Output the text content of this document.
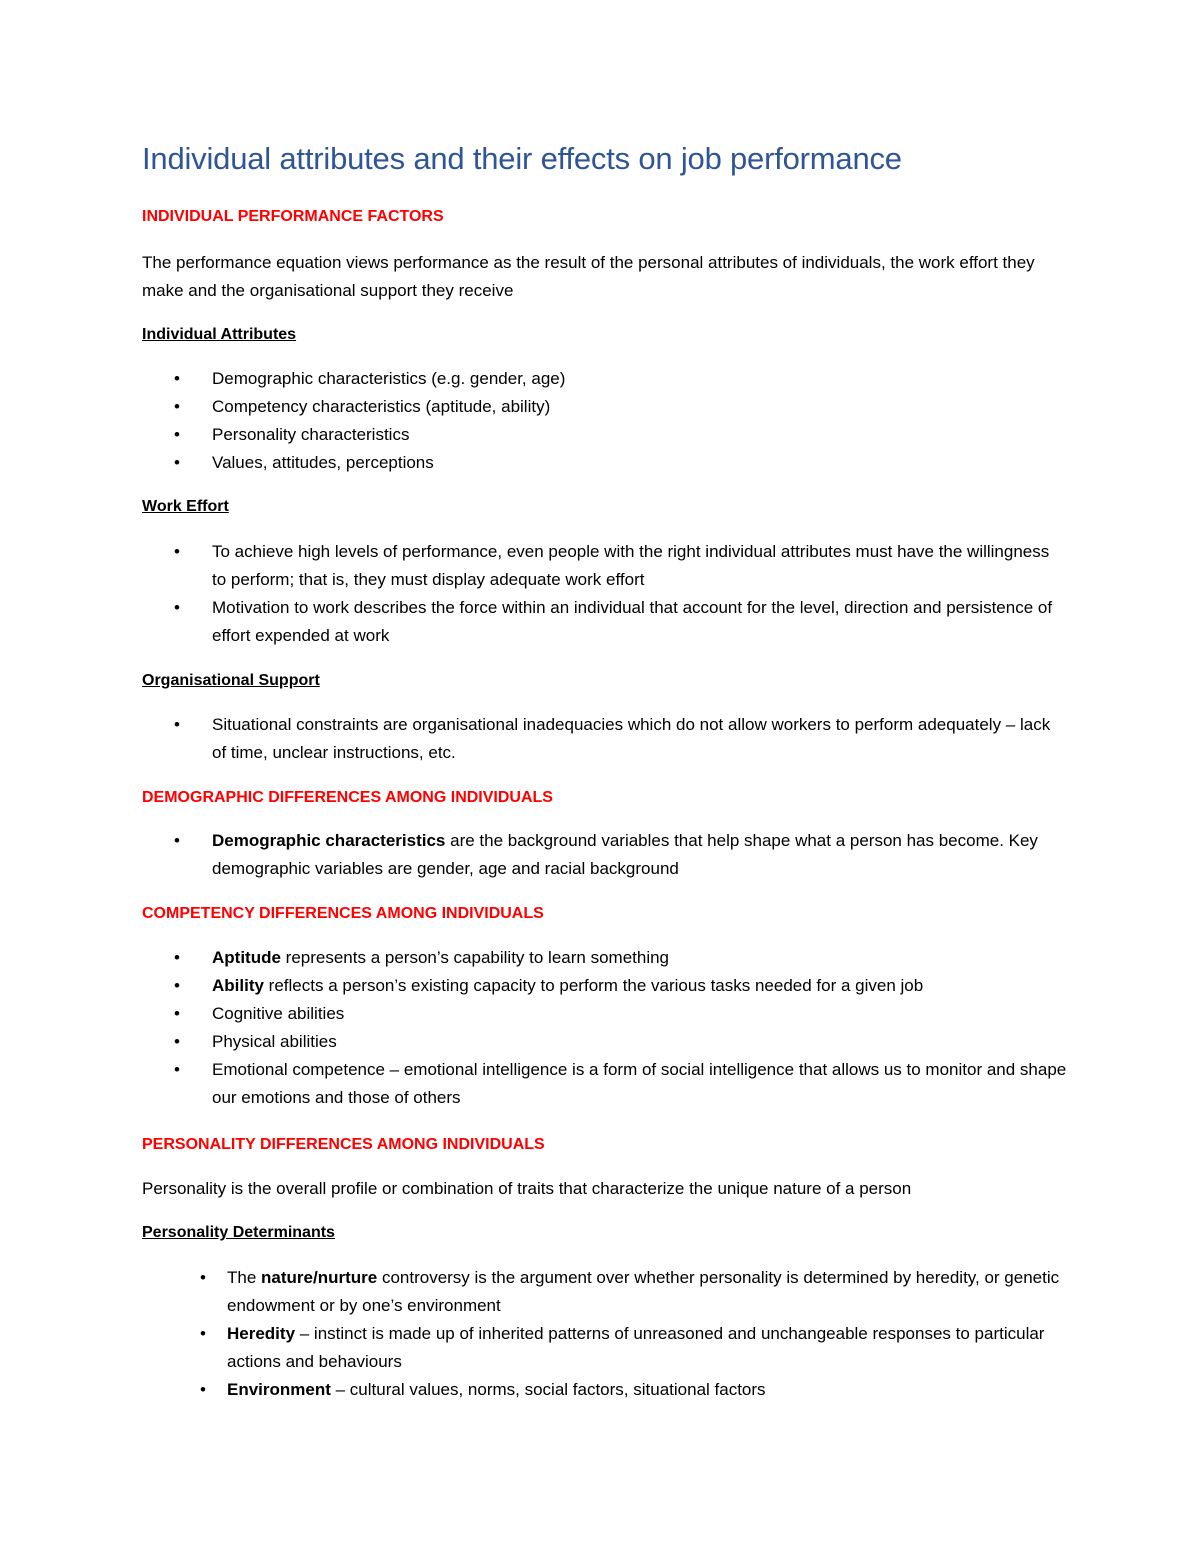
Individual attributes and their effects on job performance
INDIVIDUAL PERFORMANCE FACTORS

The performance equation views performance as the result of the personal attributes of individuals, the work effort they make and the organisational support they receive

Individual Attributes
• Demographic characteristics (e.g. gender, age)
• Competency characteristics (aptitude, ability)
• Personality characteristics
• Values, attitudes, perceptions
Work Effort
• To achieve high levels of performance, even people with the right individual attributes must have the willingness to perform; that is, they must display adequate work effort
• Motivation to work describes the force within an individual that account for the level, direction and persistence of effort expended at work
Organisational Support
• Situational constraints are organisational inadequacies which do not allow workers to perform adequately – lack of time, unclear instructions, etc.
DEMOGRAPHIC DIFFERENCES AMONG INDIVIDUALS
• Demographic characteristics are the background variables that help shape what a person has become. Key demographic variables are gender, age and racial background
COMPETENCY DIFFERENCES AMONG INDIVIDUALS
• Aptitude represents a person’s capability to learn something
• Ability reflects a person’s existing capacity to perform the various tasks needed for a given job
• Cognitive abilities
• Physical abilities
• Emotional competence – emotional intelligence is a form of social intelligence that allows us to monitor and shape our emotions and those of others
PERSONALITY DIFFERENCES AMONG INDIVIDUALS

Personality is the overall profile or combination of traits that characterize the unique nature of a person

Personality Determinants
• The nature/nurture controversy is the argument over whether personality is determined by heredity, or genetic endowment or by one’s environment
• Heredity – instinct is made up of inherited patterns of unreasoned and unchangeable responses to particular actions and behaviours
• Environment – cultural values, norms, social factors, situational factors
